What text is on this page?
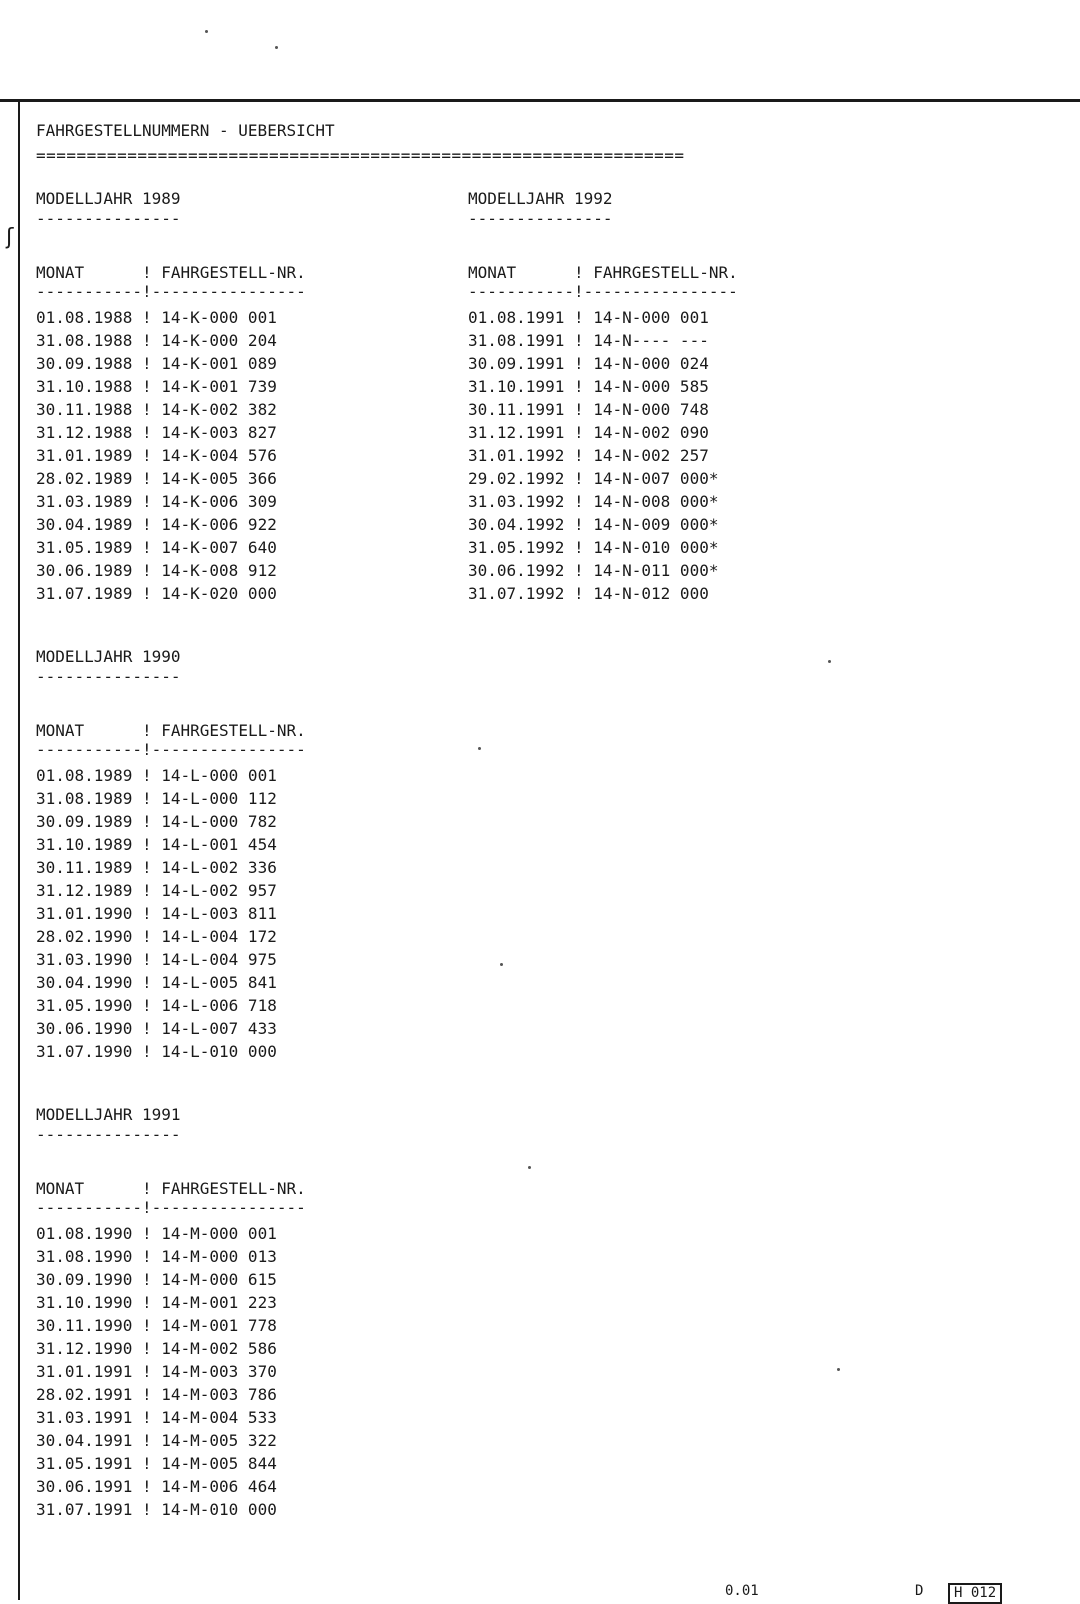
ʃ
FAHRGESTELLNUMMERN - UEBERSICHT
================================================================
MODELLJAHR 1989
---------------
MONAT	! FAHRGESTELL-NR.
-----------!----------------
01.08.1988 ! 14-K-000 001
31.08.1988 ! 14-K-000 204
30.09.1988 ! 14-K-001 089
31.10.1988 ! 14-K-001 739
30.11.1988 ! 14-K-002 382
31.12.1988 ! 14-K-003 827
31.01.1989 ! 14-K-004 576
28.02.1989 ! 14-K-005 366
31.03.1989 ! 14-K-006 309
30.04.1989 ! 14-K-006 922
31.05.1989 ! 14-K-007 640
30.06.1989 ! 14-K-008 912
31.07.1989 ! 14-K-020 000
MODELLJAHR 1990
---------------
MONAT	! FAHRGESTELL-NR.
-----------!----------------
01.08.1989 ! 14-L-000 001
31.08.1989 ! 14-L-000 112
30.09.1989 ! 14-L-000 782
31.10.1989 ! 14-L-001 454
30.11.1989 ! 14-L-002 336
31.12.1989 ! 14-L-002 957
31.01.1990 ! 14-L-003 811
28.02.1990 ! 14-L-004 172
31.03.1990 ! 14-L-004 975
30.04.1990 ! 14-L-005 841
31.05.1990 ! 14-L-006 718
30.06.1990 ! 14-L-007 433
31.07.1990 ! 14-L-010 000
MODELLJAHR 1991
---------------
MONAT	! FAHRGESTELL-NR.
-----------!----------------
01.08.1990 ! 14-M-000 001
31.08.1990 ! 14-M-000 013
30.09.1990 ! 14-M-000 615
31.10.1990 ! 14-M-001 223
30.11.1990 ! 14-M-001 778
31.12.1990 ! 14-M-002 586
31.01.1991 ! 14-M-003 370
28.02.1991 ! 14-M-003 786
31.03.1991 ! 14-M-004 533
30.04.1991 ! 14-M-005 322
31.05.1991 ! 14-M-005 844
30.06.1991 ! 14-M-006 464
31.07.1991 ! 14-M-010 000
MODELLJAHR 1992
---------------
MONAT	! FAHRGESTELL-NR.
-----------!----------------
01.08.1991 ! 14-N-000 001
31.08.1991 ! 14-N---- ---
30.09.1991 ! 14-N-000 024
31.10.1991 ! 14-N-000 585
30.11.1991 ! 14-N-000 748
31.12.1991 ! 14-N-002 090
31.01.1992 ! 14-N-002 257
29.02.1992 ! 14-N-007 000*
31.03.1992 ! 14-N-008 000*
30.04.1992 ! 14-N-009 000*
31.05.1992 ! 14-N-010 000*
30.06.1992 ! 14-N-011 000*
31.07.1992 ! 14-N-012 000
0.01	D	H 012
